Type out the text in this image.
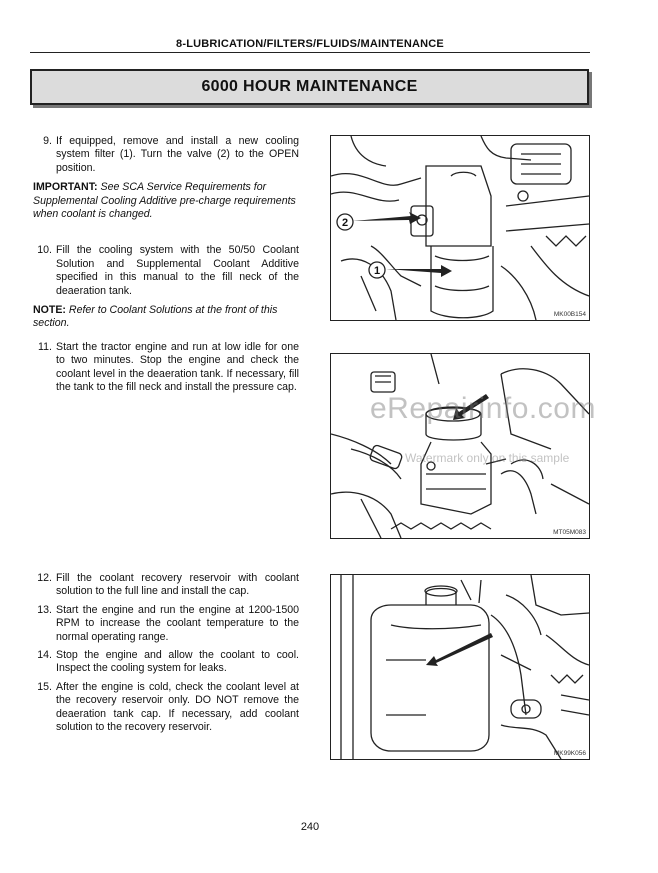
8-LUBRICATION/FILTERS/FLUIDS/MAINTENANCE
6000 HOUR MAINTENANCE

9. If equipped, remove and install a new cooling system filter (1). Turn the valve (2) to the OPEN position.

IMPORTANT: See SCA Service Requirements for Supplemental Cooling Additive pre-charge requirements when coolant is changed.

10. Fill the cooling system with the 50/50 Coolant Solution and Supplemental Coolant Additive specified in this manual to the fill neck of the deaeration tank.

NOTE: Refer to Coolant Solutions at the front of this section.

11. Start the tractor engine and run at low idle for one to two minutes. Stop the engine and check the coolant level in the deaeration tank. If necessary, fill the tank to the fill neck and install the pressure cap.

12. Fill the coolant recovery reservoir with coolant solution to the full line and install the cap.

13. Start the engine and run the engine at 1200-1500 RPM to increase the coolant temperature to the normal operating range.

14. Stop the engine and allow the coolant to cool. Inspect the cooling system for leaks.

15. After the engine is cold, check the coolant level at the recovery reservoir only. DO NOT remove the deaeration tank cap. If necessary, add coolant solution to the recovery reservoir.

2
1
MK00B154
MT05M083
MK99K056
eRepairinfo.com
Watermark only on this sample
240
